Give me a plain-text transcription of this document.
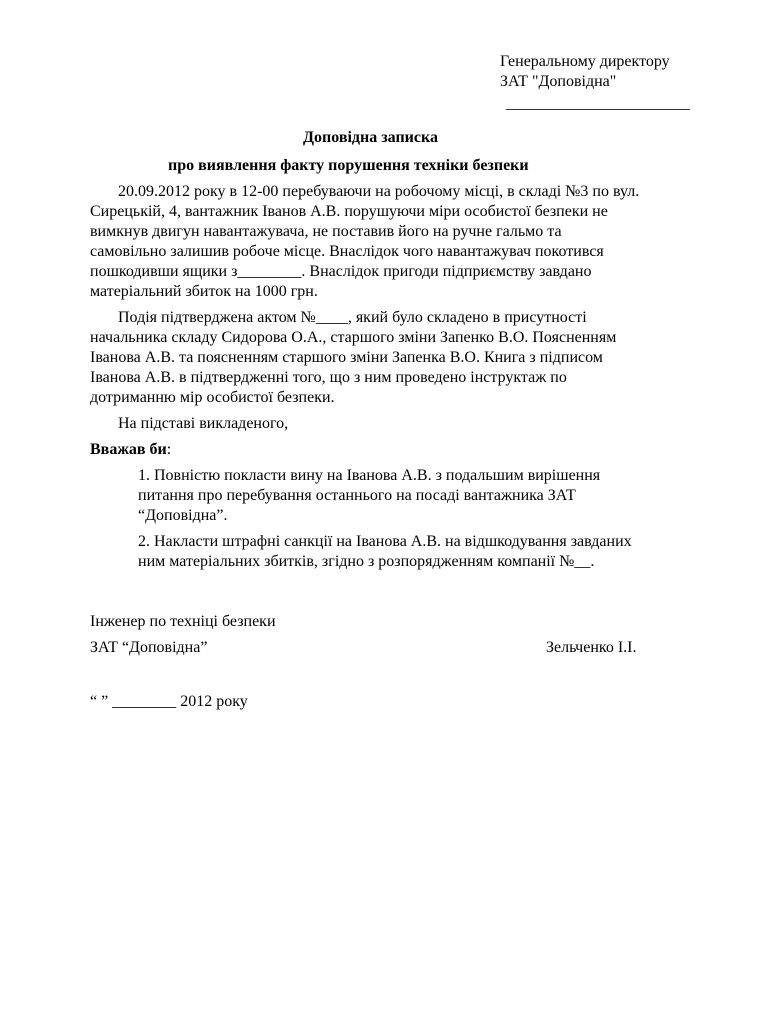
Генеральному директору
ЗАТ "Доповідна"
_______________________
Доповідна записка
про виявлення факту порушення техніки безпеки
20.09.2012 року в 12-00 перебуваючи на робочому місці, в складі №3 по вул.
Сирецькій, 4, вантажник Іванов А.В. порушуючи міри особистої безпеки не
вимкнув двигун навантажувача, не поставив його на ручне гальмо та
самовільно залишив робоче місце. Внаслідок чого навантажувач покотився
пошкодивши ящики з________. Внаслідок пригоди підприємству завдано
матеріальний збиток на 1000 грн.
Подія підтверджена актом №____, який було складено в присутності
начальника складу Сидорова О.А., старшого зміни Запенко В.О. Поясненням
Іванова А.В. та поясненням старшого зміни Запенка В.О. Книга з підписом
Іванова А.В. в підтвердженні того, що з ним проведено інструктаж по
дотриманню мір особистої безпеки.
На підставі викладеного,
Вважав би:
1. Повністю покласти вину на Іванова А.В. з подальшим вирішення
питання про перебування останнього на посаді вантажника ЗАТ
“Доповідна”.
2. Накласти штрафні санкції на Іванова А.В. на відшкодування завданих
ним матеріальних збитків, згідно з розпорядженням компанії №__.
Інженер по техніці безпеки
ЗАТ “Доповідна”	Зельченко І.І.
“ ” ________ 2012 року
